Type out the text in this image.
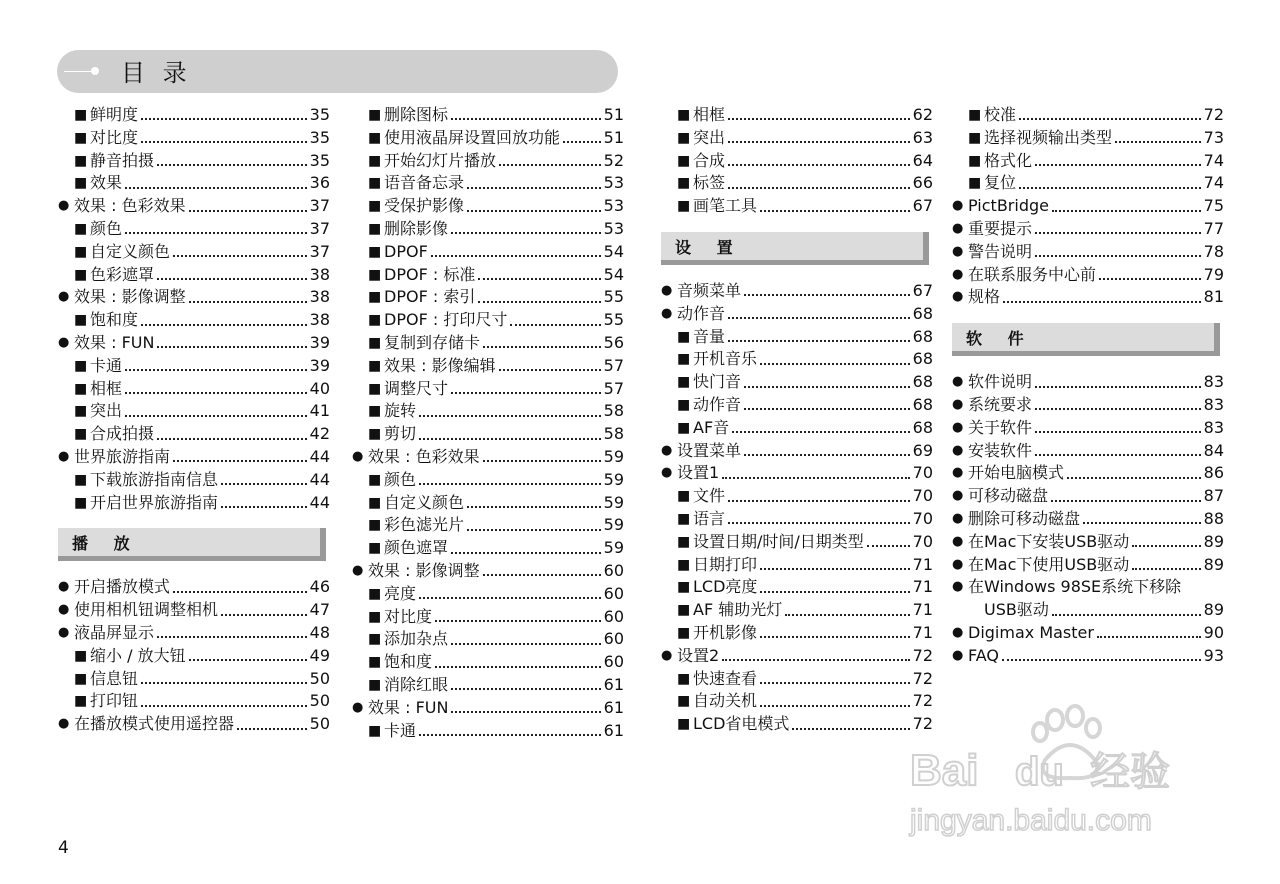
目 录
■ 鲜明度	35
■ 对比度	35
■ 静音拍摄	35
■ 效果	36
● 效果 : 色彩效果	37
■ 颜色	37
■ 自定义颜色	37
■ 色彩遮罩	38
● 效果 : 影像调整	38
■ 饱和度	38
● 效果 : FUN	39
■ 卡通	39
■ 相框	40
■ 突出	41
■ 合成拍摄	42
● 世界旅游指南	44
■ 下载旅游指南信息	44
■ 开启世界旅游指南	44
播 放
● 开启播放模式	46
● 使用相机钮调整相机	47
● 液晶屏显示	48
■ 缩小 / 放大钮	49
■ 信息钮	50
■ 打印钮	50
● 在播放模式使用遥控器	50
■ 删除图标	51
■ 使用液晶屏设置回放功能	51
■ 开始幻灯片播放	52
■ 语音备忘录	53
■ 受保护影像	53
■ 删除影像	53
■ DPOF	54
■ DPOF : 标准	54
■ DPOF : 索引	55
■ DPOF : 打印尺寸	55
■ 复制到存储卡	56
■ 效果 : 影像编辑	57
■ 调整尺寸	57
■ 旋转	58
■ 剪切	58
● 效果 : 色彩效果	59
■ 颜色	59
■ 自定义颜色	59
■ 彩色滤光片	59
■ 颜色遮罩	59
● 效果 : 影像调整	60
■ 亮度	60
■ 对比度	60
■ 添加杂点	60
■ 饱和度	60
■ 消除红眼	61
● 效果 : FUN	61
■ 卡通	61
■ 相框	62
■ 突出	63
■ 合成	64
■ 标签	66
■ 画笔工具	67
设 置
● 音频菜单	67
● 动作音	68
■ 音量	68
■ 开机音乐	68
■ 快门音	68
■ 动作音	68
■ AF音	68
● 设置菜单	69
● 设置1	70
■ 文件	70
■ 语言	70
■ 设置日期/时间/日期类型	70
■ 日期打印	71
■ LCD亮度	71
■ AF 辅助光灯	71
■ 开机影像	71
● 设置2	72
■ 快速查看	72
■ 自动关机	72
■ LCD省电模式	72
■ 校准	72
■ 选择视频输出类型	73
■ 格式化	74
■ 复位	74
● PictBridge	75
● 重要提示	77
● 警告说明	78
● 在联系服务中心前	79
● 规格	81
软 件
● 软件说明	83
● 系统要求	83
● 关于软件	83
● 安装软件	84
● 开始电脑模式	86
● 可移动磁盘	87
● 删除可移动磁盘	88
● 在Mac下安装USB驱动	89
● 在Mac下使用USB驱动	89
● 在Windows 98SE系统下移除
USB驱动	89
● Digimax Master	90
● FAQ	93
4
Bai du 经验
jingyan.baidu.com
